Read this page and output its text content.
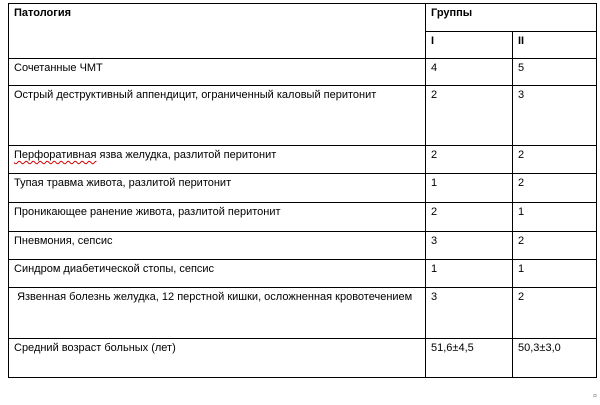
Патология	Группы	
	I	II
Сочетанные ЧМТ	4	5
Острый деструктивный аппендицит, ограниченный каловый перитонит	2	3
Перфоративная язва желудка, разлитой перитонит	2	2
Тупая травма живота, разлитой перитонит	1	2
Проникающее ранение живота, разлитой перитонит	2	1
Пневмония, сепсис	3	2
Синдром диабетической стопы, сепсис	1	1
Язвенная болезнь желудка, 12 перстной кишки, осложненная кровотечением	3	2
Средний возраст больных (лет)	51,6±4,5	50,3±3,0
¤
